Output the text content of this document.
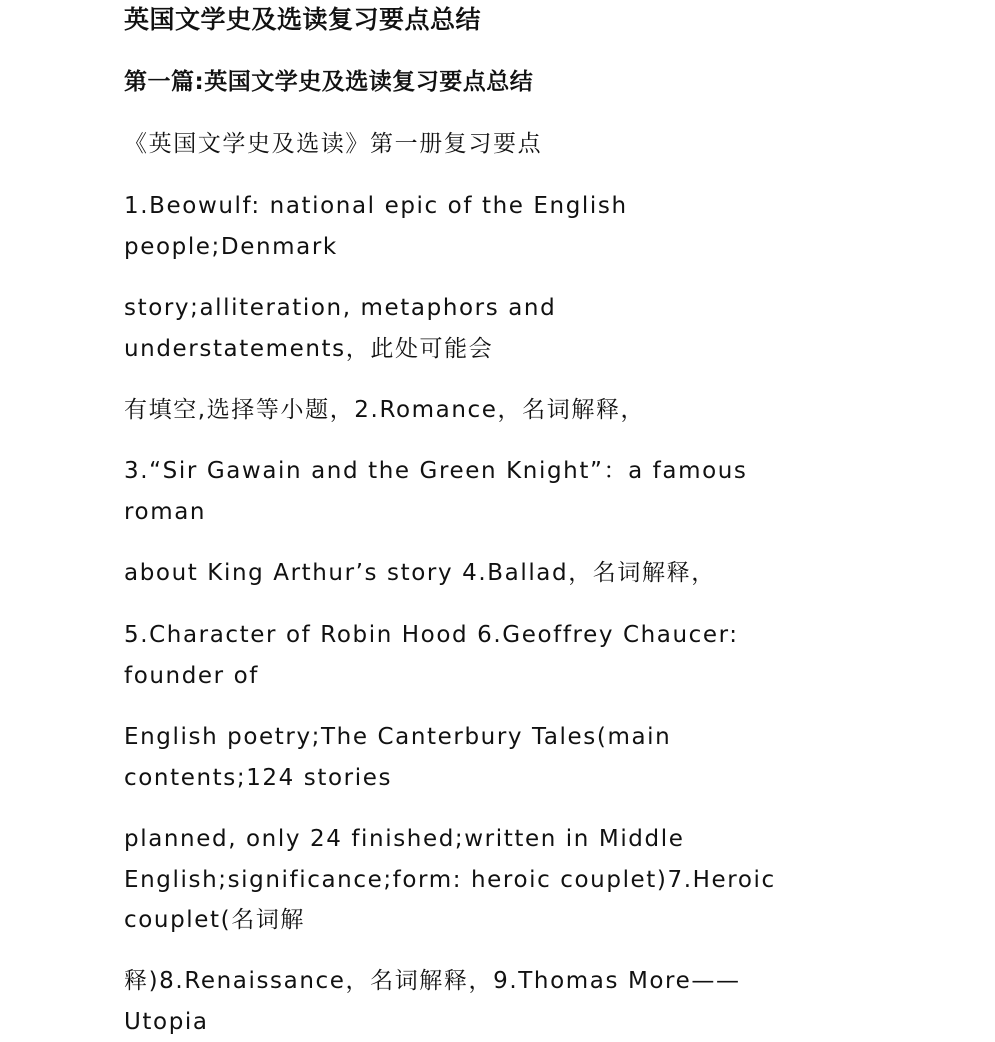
英国文学史及选读复习要点总结
第一篇:英国文学史及选读复习要点总结

《英国文学史及选读》第一册复习要点

1.Beowulf: national epic of the English
people;Denmark

story;alliteration, metaphors and
understatements，此处可能会

有填空,选择等小题，2.Romance，名词解释，

3.“Sir Gawain and the Green Knight”：a famous
roman

about King Arthur’s story 4.Ballad，名词解释，

5.Character of Robin Hood 6.Geoffrey Chaucer:
founder of

English poetry;The Canterbury Tales(main
contents;124 stories

planned, only 24 finished;written in Middle
English;significance;form: heroic couplet)7.Heroic
couplet(名词解

释)8.Renaissance，名词解释，9.Thomas More——
Utopia
